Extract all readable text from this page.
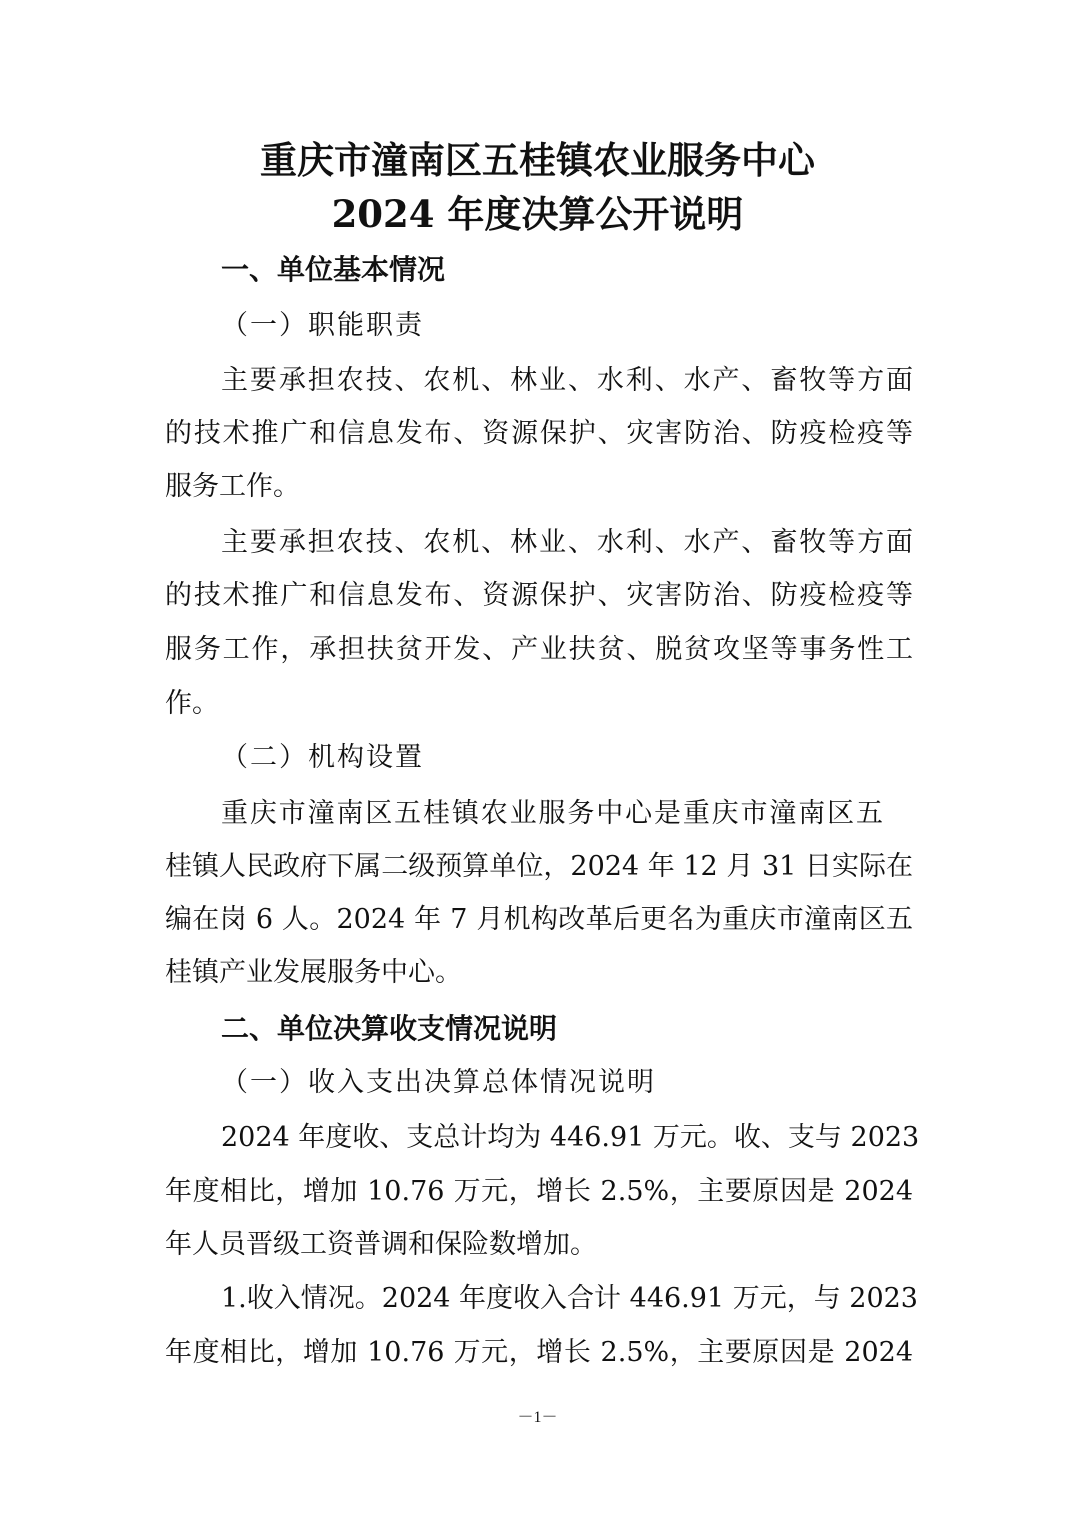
重庆市潼南区五桂镇农业服务中心
2024 年度决算公开说明
一、单位基本情况
（一）职能职责
主要承担农技、农机、林业、水利、水产、畜牧等方面
的技术推广和信息发布、资源保护、灾害防治、防疫检疫等
服务工作。
主要承担农技、农机、林业、水利、水产、畜牧等方面
的技术推广和信息发布、资源保护、灾害防治、防疫检疫等
服务工作，承担扶贫开发、产业扶贫、脱贫攻坚等事务性工
作。
（二）机构设置
重庆市潼南区五桂镇农业服务中心是重庆市潼南区五
桂镇人民政府下属二级预算单位，2024 年 12 月 31 日实际在
编在岗 6 人。2024 年 7 月机构改革后更名为重庆市潼南区五
桂镇产业发展服务中心。
二、单位决算收支情况说明
（一）收入支出决算总体情况说明
2024 年度收、支总计均为 446.91 万元。收、支与 2023
年度相比，增加 10.76 万元，增长 2.5%，主要原因是 2024
年人员晋级工资普调和保险数增加。
1.收入情况。2024 年度收入合计 446.91 万元，与 2023
年度相比，增加 10.76 万元，增长 2.5%，主要原因是 2024
－1－
